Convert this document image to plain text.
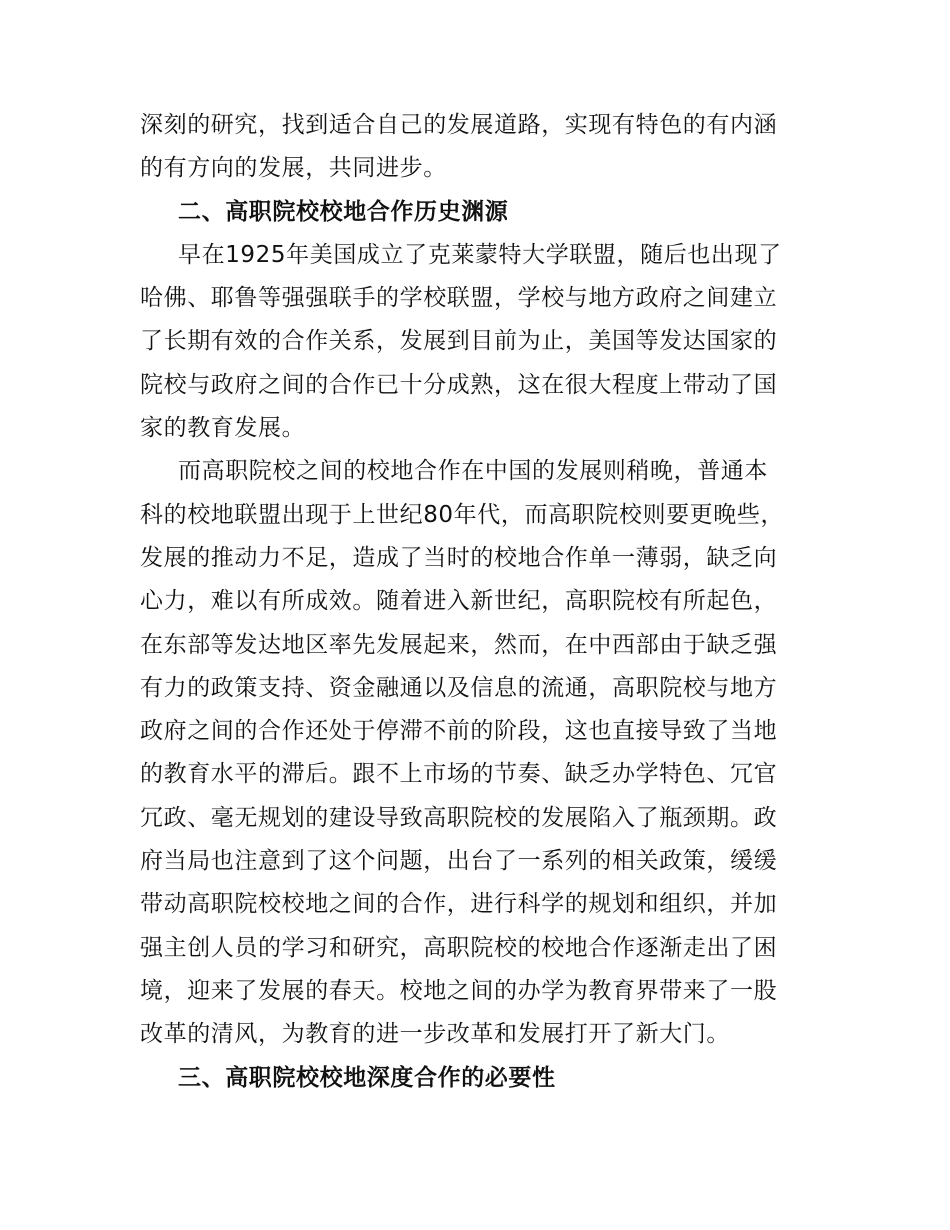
深刻的研究，找到适合自己的发展道路，实现有特色的有内涵
的有方向的发展，共同进步。
二、高职院校校地合作历史渊源
早在1925年美国成立了克莱蒙特大学联盟，随后也出现了
哈佛、耶鲁等强强联手的学校联盟，学校与地方政府之间建立
了长期有效的合作关系，发展到目前为止，美国等发达国家的
院校与政府之间的合作已十分成熟，这在很大程度上带动了国
家的教育发展。
而高职院校之间的校地合作在中国的发展则稍晚，普通本
科的校地联盟出现于上世纪80年代，而高职院校则要更晚些，
发展的推动力不足，造成了当时的校地合作单一薄弱，缺乏向
心力，难以有所成效。随着进入新世纪，高职院校有所起色，
在东部等发达地区率先发展起来，然而，在中西部由于缺乏强
有力的政策支持、资金融通以及信息的流通，高职院校与地方
政府之间的合作还处于停滞不前的阶段，这也直接导致了当地
的教育水平的滞后。跟不上市场的节奏、缺乏办学特色、冗官
冗政、毫无规划的建设导致高职院校的发展陷入了瓶颈期。政
府当局也注意到了这个问题，出台了一系列的相关政策，缓缓
带动高职院校校地之间的合作，进行科学的规划和组织，并加
强主创人员的学习和研究，高职院校的校地合作逐渐走出了困
境，迎来了发展的春天。校地之间的办学为教育界带来了一股
改革的清风，为教育的进一步改革和发展打开了新大门。
三、高职院校校地深度合作的必要性
